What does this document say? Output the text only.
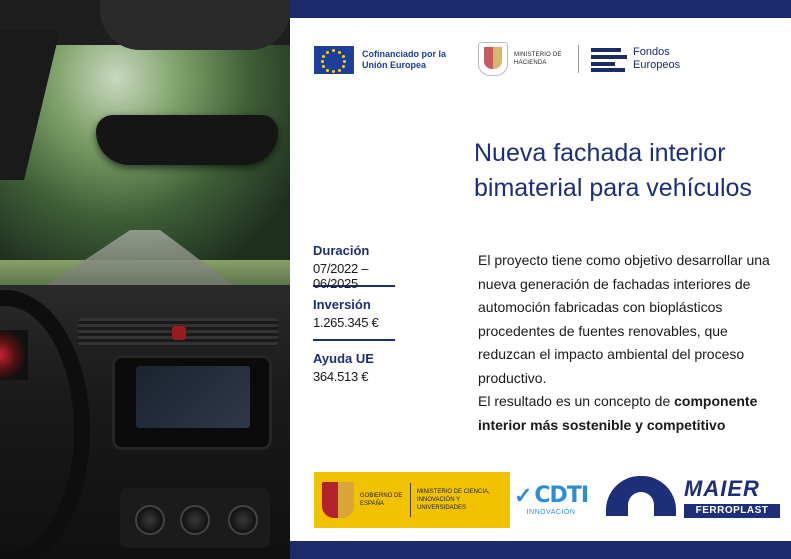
Cofinanciado por la Unión Europea
MINISTERIO DE HACIENDA
Fondos
Europeos
Nueva fachada interior
bimaterial para vehículos
Duración
07/2022 – 06/2025
Inversión
1.265.345 €
Ayuda UE
364.513 €

El proyecto tiene como objetivo desarrollar una nueva generación de fachadas interiores de automoción fabricadas con bioplásticos procedentes de fuentes renovables, que reduzcan el impacto ambiental del proceso productivo.

El resultado es un concepto de componente interior más sostenible y competitivo

GOBIERNO DE ESPAÑA
MINISTERIO DE CIENCIA, INNOVACIÓN Y UNIVERSIDADES	✓ CDTI
INNOVACIÓN
MAIER
FERROPLAST
